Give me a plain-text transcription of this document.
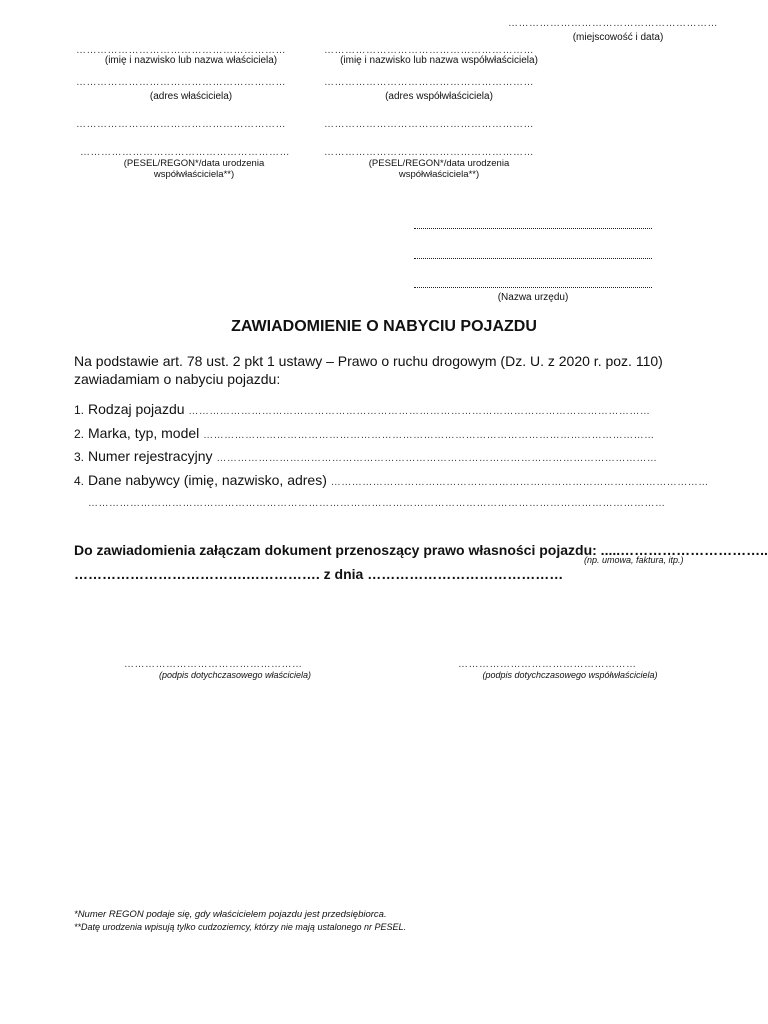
……………………………………………………
(miejscowość i data)
……………………………………………………
(imię i nazwisko lub nazwa właściciela)
……………………………………………………
(adres właściciela)
……………………………………………………
……………………………………………………
(PESEL/REGON*/data urodzenia
współwłaściciela**)
……………………………………………………
(imię i nazwisko lub nazwa współwłaściciela)
……………………………………………………
(adres współwłaściciela)
……………………………………………………
……………………………………………………
(PESEL/REGON*/data urodzenia
współwłaściciela**)
(Nazwa urzędu)
ZAWIADOMIENIE O NABYCIU POJAZDU
Na podstawie art. 78 ust. 2 pkt 1 ustawy – Prawo o ruchu drogowym (Dz. U. z 2020 r. poz. 110)
zawiadamiam o nabyciu pojazdu:
1. Rodzaj pojazdu ……………………………………………………………………………………………………………………
2. Marka, typ, model …………………………………………………………………………………………………………………
3. Numer rejestracyjny ………………………………………………………………………………………………………………
4. Dane nabywcy (imię, nazwisko, adres) ………………………………………………………………………………………………
…………………………………………………………………………………………………………………………………………………
Do zawiadomienia załączam dokument przenoszący prawo własności pojazdu: .....…………………………..
(np. umowa, faktura, itp.)
……………………………….……………. z dnia ……………………………………
……………………………………………
(podpis dotychczasowego właściciela)
……………………………………………
(podpis dotychczasowego współwłaściciela)
*Numer REGON podaje się, gdy właścicielem pojazdu jest przedsiębiorca.
**Datę urodzenia wpisują tylko cudzoziemcy, którzy nie mają ustalonego nr PESEL.
